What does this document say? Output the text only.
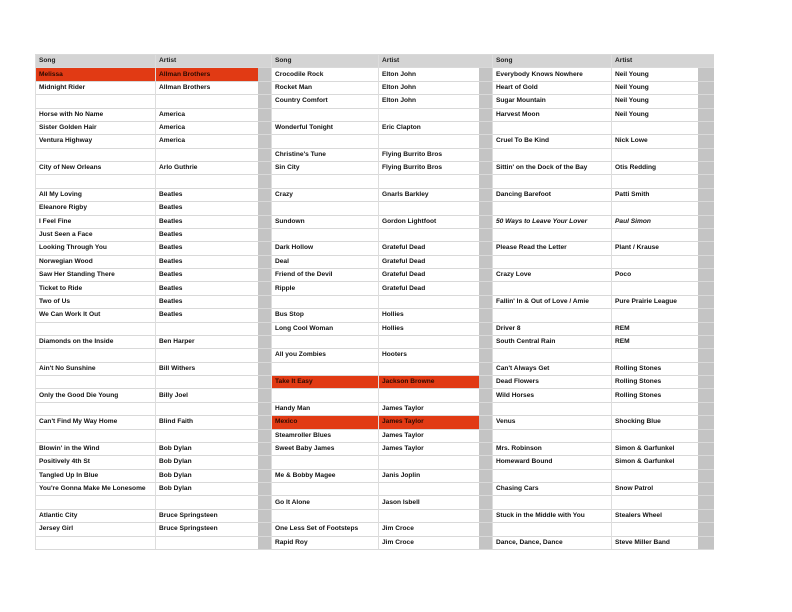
Song	Artist		Song	Artist		Song	Artist	
Melissa	Allman Brothers		Crocodile Rock	Elton John		Everybody Knows Nowhere	Neil Young	
Midnight Rider	Allman Brothers		Rocket Man	Elton John		Heart of Gold	Neil Young	
			Country Comfort	Elton John		Sugar Mountain	Neil Young	
Horse with No Name	America					Harvest Moon	Neil Young	
Sister Golden Hair	America		Wonderful Tonight	Eric Clapton				
Ventura Highway	America					Cruel To Be Kind	Nick Lowe	
			Christine's Tune	Flying Burrito Bros				
City of New Orleans	Arlo Guthrie		Sin City	Flying Burrito Bros		Sittin' on the Dock of the Bay	Otis Redding	

All My Loving	Beatles		Crazy	Gnarls Barkley		Dancing Barefoot	Patti Smith	
Eleanore Rigby	Beatles							
I Feel Fine	Beatles		Sundown	Gordon Lightfoot		50 Ways to Leave Your Lover	Paul Simon	
Just Seen a Face	Beatles							
Looking Through You	Beatles		Dark Hollow	Grateful Dead		Please Read the Letter	Plant / Krause	
Norwegian Wood	Beatles		Deal	Grateful Dead				
Saw Her Standing There	Beatles		Friend of the Devil	Grateful Dead		Crazy Love	Poco	
Ticket to Ride	Beatles		Ripple	Grateful Dead				
Two of Us	Beatles					Fallin' In & Out of Love / Amie	Pure Prairie League	
We Can Work It Out	Beatles		Bus Stop	Hollies				
			Long Cool Woman	Hollies		Driver 8	REM	
Diamonds on the Inside	Ben Harper					South Central Rain	REM	
			All you Zombies	Hooters				
Ain't No Sunshine	Bill Withers					Can't Always Get	Rolling Stones	
			Take It Easy	Jackson Browne		Dead Flowers	Rolling Stones	
Only the Good Die Young	Billy Joel					Wild Horses	Rolling Stones	
			Handy Man	James Taylor				
Can't Find My Way Home	Blind Faith		Mexico	James Taylor		Venus	Shocking Blue	
			Steamroller Blues	James Taylor				
Blowin' in the Wind	Bob Dylan		Sweet Baby James	James Taylor		Mrs. Robinson	Simon & Garfunkel	
Positively 4th St	Bob Dylan					Homeward Bound	Simon & Garfunkel	
Tangled Up In Blue	Bob Dylan		Me & Bobby Magee	Janis Joplin				
You're Gonna Make Me Lonesome	Bob Dylan					Chasing Cars	Snow Patrol	
			Go It Alone	Jason Isbell				
Atlantic City	Bruce Springsteen					Stuck in the Middle with You	Stealers Wheel	
Jersey Girl	Bruce Springsteen		One Less Set of Footsteps	Jim Croce				
			Rapid Roy	Jim Croce		Dance, Dance, Dance	Steve Miller Band	
